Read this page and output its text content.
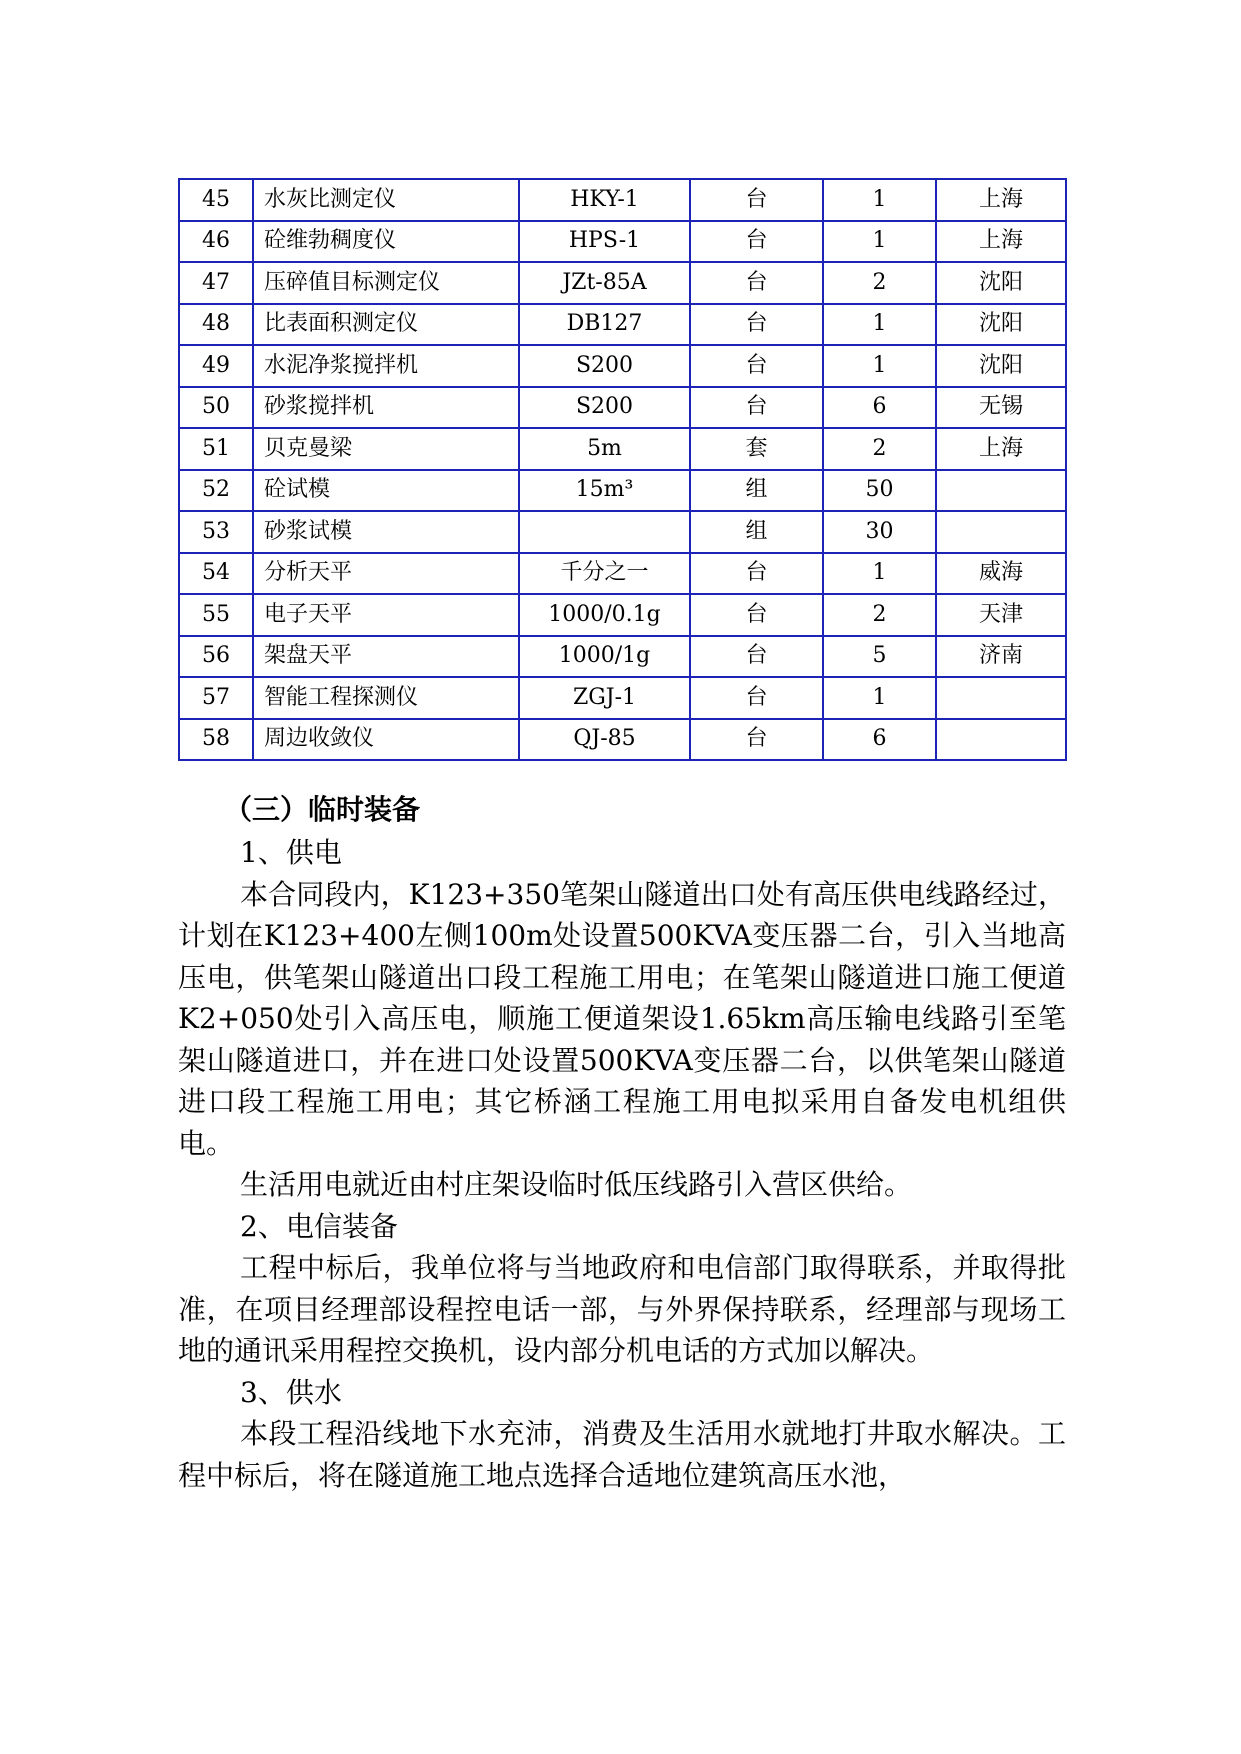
45	水灰比测定仪	HKY-1	台	1	上海
46	砼维勃稠度仪	HPS-1	台	1	上海
47	压碎值目标测定仪	JZt-85A	台	2	沈阳
48	比表面积测定仪	DB127	台	1	沈阳
49	水泥净浆搅拌机	S200	台	1	沈阳
50	砂浆搅拌机	S200	台	6	无锡
51	贝克曼梁	5m	套	2	上海
52	砼试模	15m³	组	50	
53	砂浆试模		组	30	
54	分析天平	千分之一	台	1	威海
55	电子天平	1000/0.1g	台	2	天津
56	架盘天平	1000/1g	台	5	济南
57	智能工程探测仪	ZGJ-1	台	1	
58	周边收敛仪	QJ-85	台	6	
（三）临时装备

1、供电

本合同段内，K123+350笔架山隧道出口处有高压供电线路经过，计划在K123+400左侧100m处设置500KVA变压器二台，引入当地高压电，供笔架山隧道出口段工程施工用电；在笔架山隧道进口施工便道K2+050处引入高压电，顺施工便道架设1.65km高压输电线路引至笔架山隧道进口，并在进口处设置500KVA变压器二台，以供笔架山隧道进口段工程施工用电；其它桥涵工程施工用电拟采用自备发电机组供电。

生活用电就近由村庄架设临时低压线路引入营区供给。

2、电信装备

工程中标后，我单位将与当地政府和电信部门取得联系，并取得批准，在项目经理部设程控电话一部，与外界保持联系，经理部与现场工地的通讯采用程控交换机，设内部分机电话的方式加以解决。

3、供水

本段工程沿线地下水充沛，消费及生活用水就地打井取水解决。工程中标后，将在隧道施工地点选择合适地位建筑高压水池，
